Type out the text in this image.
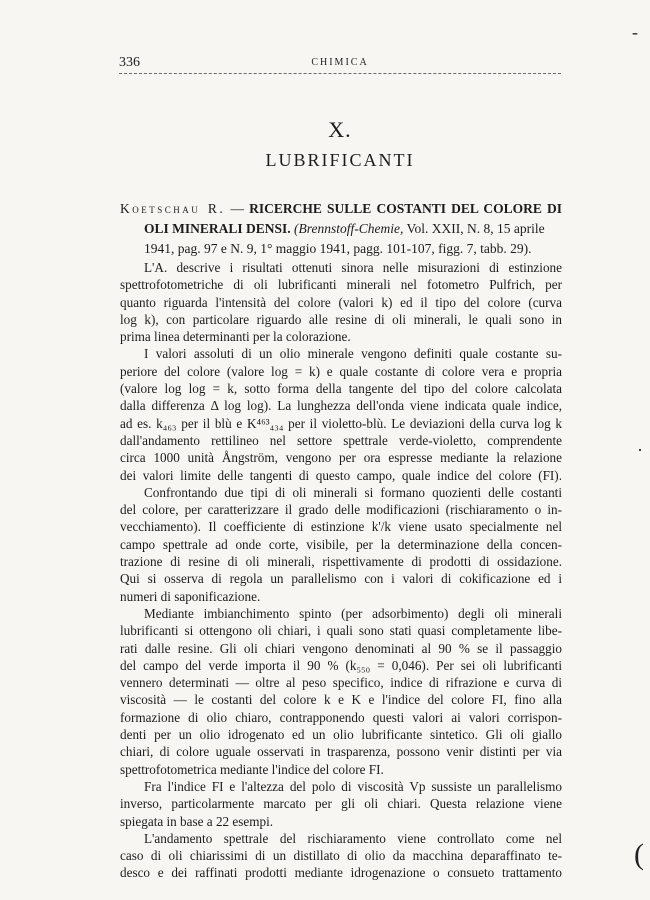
336	CHIMICA
X.
LUBRIFICANTI
Koetschau R. — RICERCHE SULLE COSTANTI DEL COLORE DI
OLI MINERALI DENSI. (Brennstoff-Chemie, Vol. XXII, N. 8, 15 aprile
1941, pag. 97 e N. 9, 1° maggio 1941, pagg. 101-107, figg. 7, tabb. 29).
L'A. descrive i risultati ottenuti sinora nelle misurazioni di estinzione
spettrofotometriche di oli lubrificanti minerali nel fotometro Pulfrich, per
quanto riguarda l'intensità del colore (valori k) ed il tipo del colore (curva
log k), con particolare riguardo alle resine di oli minerali, le quali sono in
prima linea determinanti per la colorazione.
I valori assoluti di un olio minerale vengono definiti quale costante su-
periore del colore (valore log = k) e quale costante di colore vera e propria
(valore log log = k, sotto forma della tangente del tipo del colore calcolata
dalla differenza Δ log log). La lunghezza dell'onda viene indicata quale indice,
ad es. k₄₆₃ per il blù e K⁴⁶³₄₃₄ per il violetto-blù. Le deviazioni della curva log k
dall'andamento rettilineo nel settore spettrale verde-violetto, comprendente
circa 1000 unità Ångström, vengono per ora espresse mediante la relazione
dei valori limite delle tangenti di questo campo, quale indice del colore (FI).
Confrontando due tipi di oli minerali si formano quozienti delle costanti
del colore, per caratterizzare il grado delle modificazioni (rischiaramento o in-
vecchiamento). Il coefficiente di estinzione k'/k viene usato specialmente nel
campo spettrale ad onde corte, visibile, per la determinazione della concen-
trazione di resine di oli minerali, rispettivamente di prodotti di ossidazione.
Qui si osserva di regola un parallelismo con i valori di cokificazione ed i
numeri di saponificazione.
Mediante imbianchimento spinto (per adsorbimento) degli oli minerali
lubrificanti si ottengono oli chiari, i quali sono stati quasi completamente libe-
rati dalle resine. Gli oli chiari vengono denominati al 90 % se il passaggio
del campo del verde importa il 90 % (k₅₅₀ = 0,046). Per sei oli lubrificanti
vennero determinati — oltre al peso specifico, indice di rifrazione e curva di
viscosità — le costanti del colore k e K e l'indice del colore FI, fino alla
formazione di olio chiaro, contrapponendo questi valori ai valori corrispon-
denti per un olio idrogenato ed un olio lubrificante sintetico. Gli oli giallo
chiari, di colore uguale osservati in trasparenza, possono venir distinti per via
spettrofotometrica mediante l'indice del colore FI.
Fra l'indice FI e l'altezza del polo di viscosità Vp sussiste un parallelismo
inverso, particolarmente marcato per gli oli chiari. Questa relazione viene
spiegata in base a 22 esempi.
L'andamento spettrale del rischiaramento viene controllato come nel
caso di oli chiarissimi di un distillato di olio da macchina deparaffinato te-
desco e dei raffinati prodotti mediante idrogenazione o consueto trattamento
-
·
(
